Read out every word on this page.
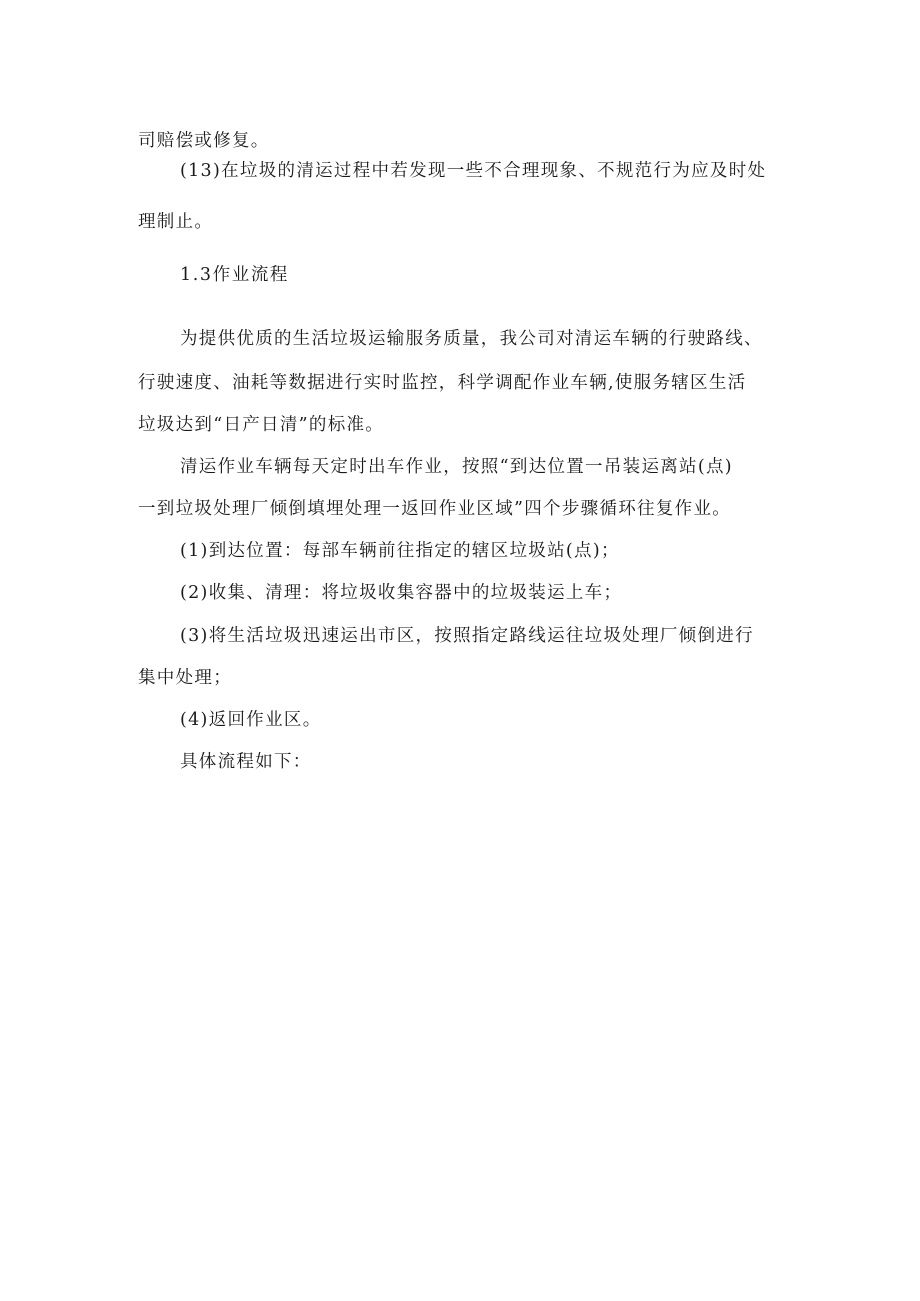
司赔偿或修复。
(13)在垃圾的清运过程中若发现一些不合理现象、不规范行为应及时处
理制止。
1.3作业流程
为提供优质的生活垃圾运输服务质量，我公司对清运车辆的行驶路线、
行驶速度、油耗等数据进行实时监控，科学调配作业车辆,使服务辖区生活
垃圾达到“日产日清”的标准。
清运作业车辆每天定时出车作业，按照“到达位置一吊装运离站(点)
一到垃圾处理厂倾倒填埋处理一返回作业区域”四个步骤循环往复作业。
(1)到达位置：每部车辆前往指定的辖区垃圾站(点)；
(2)收集、清理：将垃圾收集容器中的垃圾装运上车；
(3)将生活垃圾迅速运出市区，按照指定路线运往垃圾处理厂倾倒进行
集中处理；
(4)返回作业区。
具体流程如下：
